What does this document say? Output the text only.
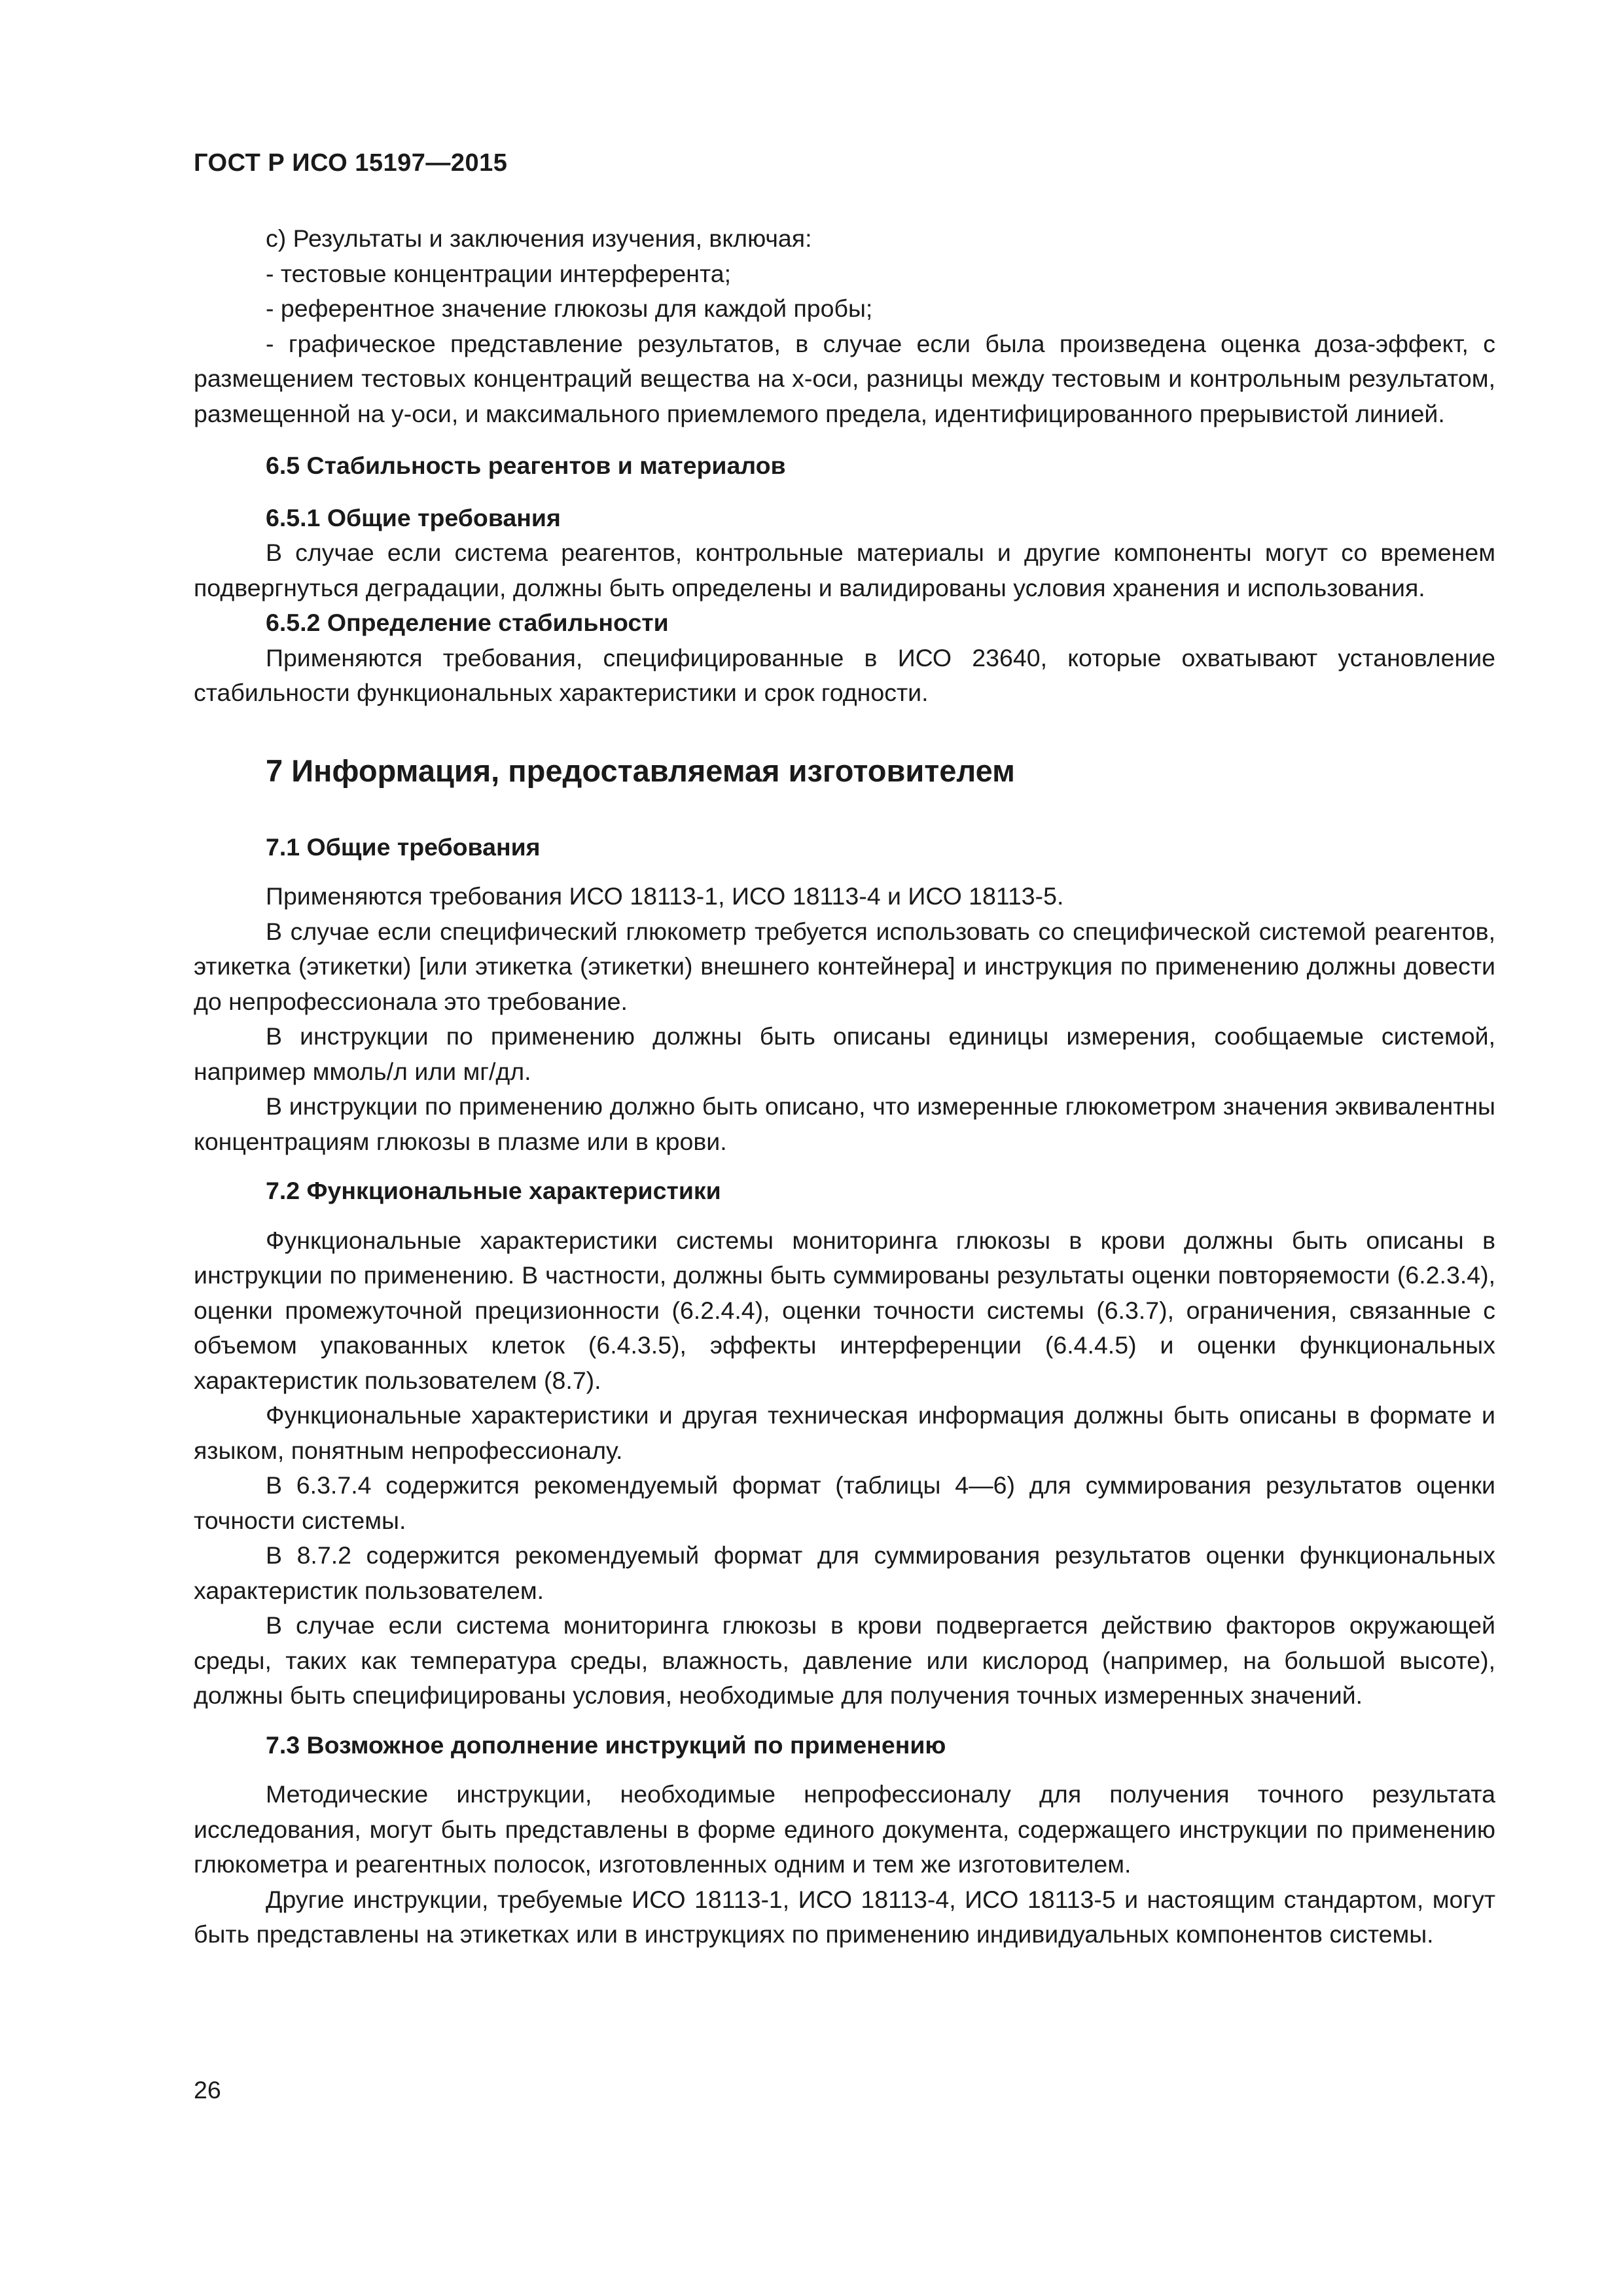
ГОСТ Р ИСО 15197—2015

с) Результаты и заключения изучения, включая:

- тестовые концентрации интерферента;

- референтное значение глюкозы для каждой пробы;

- графическое представление результатов, в случае если была произведена оценка доза-эффект, с размещением тестовых концентраций вещества на х-оси, разницы между тестовым и контрольным результатом, размещенной на у-оси, и максимального приемлемого предела, идентифицированного прерывистой линией.

6.5 Стабильность реагентов и материалов
6.5.1 Общие требования

В случае если система реагентов, контрольные материалы и другие компоненты могут со временем подвергнуться деградации, должны быть определены и валидированы условия хранения и использования.

6.5.2 Определение стабильности

Применяются требования, специфицированные в ИСО 23640, которые охватывают установление стабильности функциональных характеристики и срок годности.

7 Информация, предоставляемая изготовителем
7.1 Общие требования

Применяются требования ИСО 18113-1, ИСО 18113-4 и ИСО 18113-5.

В случае если специфический глюкометр требуется использовать со специфической системой реагентов, этикетка (этикетки) [или этикетка (этикетки) внешнего контейнера] и инструкция по применению должны довести до непрофессионала это требование.

В инструкции по применению должны быть описаны единицы измерения, сообщаемые системой, например ммоль/л или мг/дл.

В инструкции по применению должно быть описано, что измеренные глюкометром значения эквивалентны концентрациям глюкозы в плазме или в крови.

7.2 Функциональные характеристики

Функциональные характеристики системы мониторинга глюкозы в крови должны быть описаны в инструкции по применению. В частности, должны быть суммированы результаты оценки повторяемости (6.2.3.4), оценки промежуточной прецизионности (6.2.4.4), оценки точности системы (6.3.7), ограничения, связанные с объемом упакованных клеток (6.4.3.5), эффекты интерференции (6.4.4.5) и оценки функциональных характеристик пользователем (8.7).

Функциональные характеристики и другая техническая информация должны быть описаны в формате и языком, понятным непрофессионалу.

В 6.3.7.4 содержится рекомендуемый формат (таблицы 4—6) для суммирования результатов оценки точности системы.

В 8.7.2 содержится рекомендуемый формат для суммирования результатов оценки функциональных характеристик пользователем.

В случае если система мониторинга глюкозы в крови подвергается действию факторов окружающей среды, таких как температура среды, влажность, давление или кислород (например, на большой высоте), должны быть специфицированы условия, необходимые для получения точных измеренных значений.

7.3 Возможное дополнение инструкций по применению

Методические инструкции, необходимые непрофессионалу для получения точного результата исследования, могут быть представлены в форме единого документа, содержащего инструкции по применению глюкометра и реагентных полосок, изготовленных одним и тем же изготовителем.

Другие инструкции, требуемые ИСО 18113-1, ИСО 18113-4, ИСО 18113-5 и настоящим стандартом, могут быть представлены на этикетках или в инструкциях по применению индивидуальных компонентов системы.

26
